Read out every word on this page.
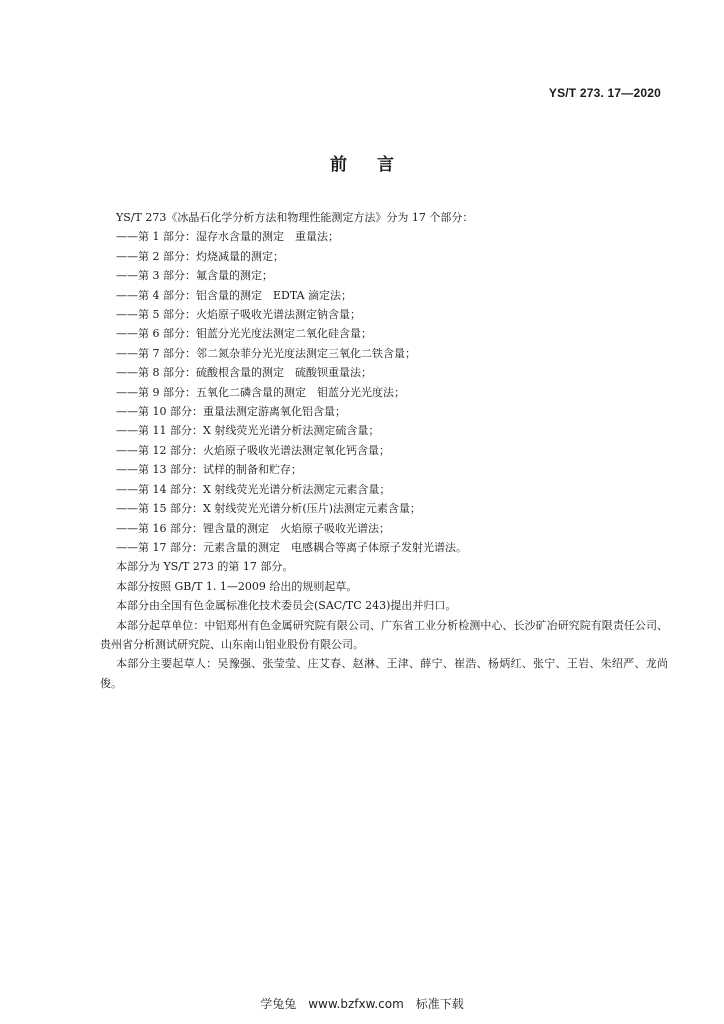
YS/T 273. 17—2020
前言

YS/T 273《冰晶石化学分析方法和物理性能测定方法》分为 17 个部分：

——第 1 部分：湿存水含量的测定　重量法；
——第 2 部分：灼烧减量的测定；
——第 3 部分：氟含量的测定；
——第 4 部分：铝含量的测定　EDTA 滴定法；
——第 5 部分：火焰原子吸收光谱法测定钠含量；
——第 6 部分：钼蓝分光光度法测定二氧化硅含量；
——第 7 部分：邻二氮杂菲分光光度法测定三氧化二铁含量；
——第 8 部分：硫酸根含量的测定　硫酸钡重量法；
——第 9 部分：五氧化二磷含量的测定　钼蓝分光光度法；
——第 10 部分：重量法测定游离氧化铝含量；
——第 11 部分：X 射线荧光光谱分析法测定硫含量；
——第 12 部分：火焰原子吸收光谱法测定氧化钙含量；
——第 13 部分：试样的制备和贮存；
——第 14 部分：X 射线荧光光谱分析法测定元素含量；
——第 15 部分：X 射线荧光光谱分析(压片)法测定元素含量；
——第 16 部分：锂含量的测定　火焰原子吸收光谱法；
——第 17 部分：元素含量的测定　电感耦合等离子体原子发射光谱法。

本部分为 YS/T 273 的第 17 部分。

本部分按照 GB/T 1. 1—2009 给出的规则起草。

本部分由全国有色金属标准化技术委员会(SAC/TC 243)提出并归口。

本部分起草单位：中铝郑州有色金属研究院有限公司、广东省工业分析检测中心、长沙矿冶研究院有限责任公司、贵州省分析测试研究院、山东南山铝业股份有限公司。

本部分主要起草人：吴豫强、张莹莹、庄艾春、赵淋、王津、薛宁、崔浩、杨炳红、张宁、王岩、朱绍严、龙尚俊。

学兔兔　www.bzfxw.com　标准下载
